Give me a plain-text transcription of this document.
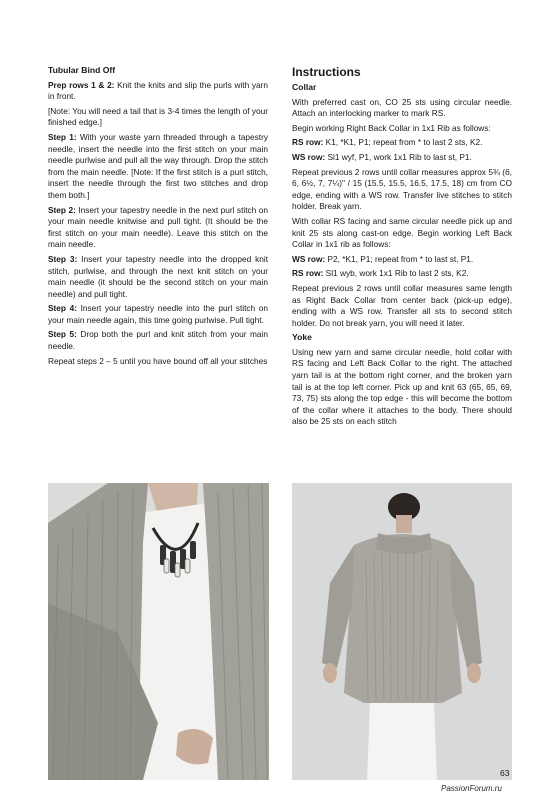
Tubular Bind Off

Prep rows 1 & 2: Knit the knits and slip the purls with yarn in front.

[Note: You will need a tail that is 3-4 times the length of your finished edge.]

Step 1: With your waste yarn threaded through a tapestry needle, insert the needle into the first stitch on your main needle purlwise and pull all the way through. Drop the stitch from the main needle. [Note: If the first stitch is a purl stitch, insert the needle through the first two stitches and drop them both.]

Step 2: Insert your tapestry needle in the next purl stitch on your main needle knitwise and pull tight. (It should be the first stitch on your main needle). Leave this stitch on the main needle.

Step 3: Insert your tapestry needle into the dropped knit stitch, purlwise, and through the next knit stitch on your main needle (it should be the second stitch on your main needle) and pull tight.

Step 4: Insert your tapestry needle into the purl stitch on your main needle again, this time going purlwise. Pull tight.

Step 5: Drop both the purl and knit stitch from your main needle.

Repeat steps 2 – 5 until you have bound off all your stitches

Instructions

Collar

With preferred cast on, CO 25 sts using circular needle. Attach an interlocking marker to mark RS.

Begin working Right Back Collar in 1x1 Rib as follows:

RS row: K1, *K1, P1; repeat from * to last 2 sts, K2.

WS row: Sl1 wyf, P1, work 1x1 Rib to last st, P1.

Repeat previous 2 rows until collar measures approx 5¾ (6, 6, 6½, 7, 7¼)" / 15 (15.5, 15.5, 16.5, 17.5, 18) cm from CO edge, ending with a WS row. Transfer live stitches to stitch holder. Break yarn.

With collar RS facing and same circular needle pick up and knit 25 sts along cast-on edge. Begin working Left Back Collar in 1x1 rib as follows:

WS row: P2, *K1, P1; repeat from * to last st, P1.

RS row: Sl1 wyb, work 1x1 Rib to last 2 sts, K2.

Repeat previous 2 rows until collar measures same length as Right Back Collar from center back (pick-up edge), ending with a WS row. Transfer all sts to second stitch holder. Do not break yarn, you will need it later.

Yoke

Using new yarn and same circular needle, hold collar with RS facing and Left Back Collar to the right. The attached yarn tail is at the bottom right corner, and the broken yarn tail is at the top left corner. Pick up and knit 63 (65, 65, 69, 73, 75) sts along the top edge - this will become the bottom of the collar where it attaches to the body. There should also be 25 sts on each stitch

63
PassionForum.ru
